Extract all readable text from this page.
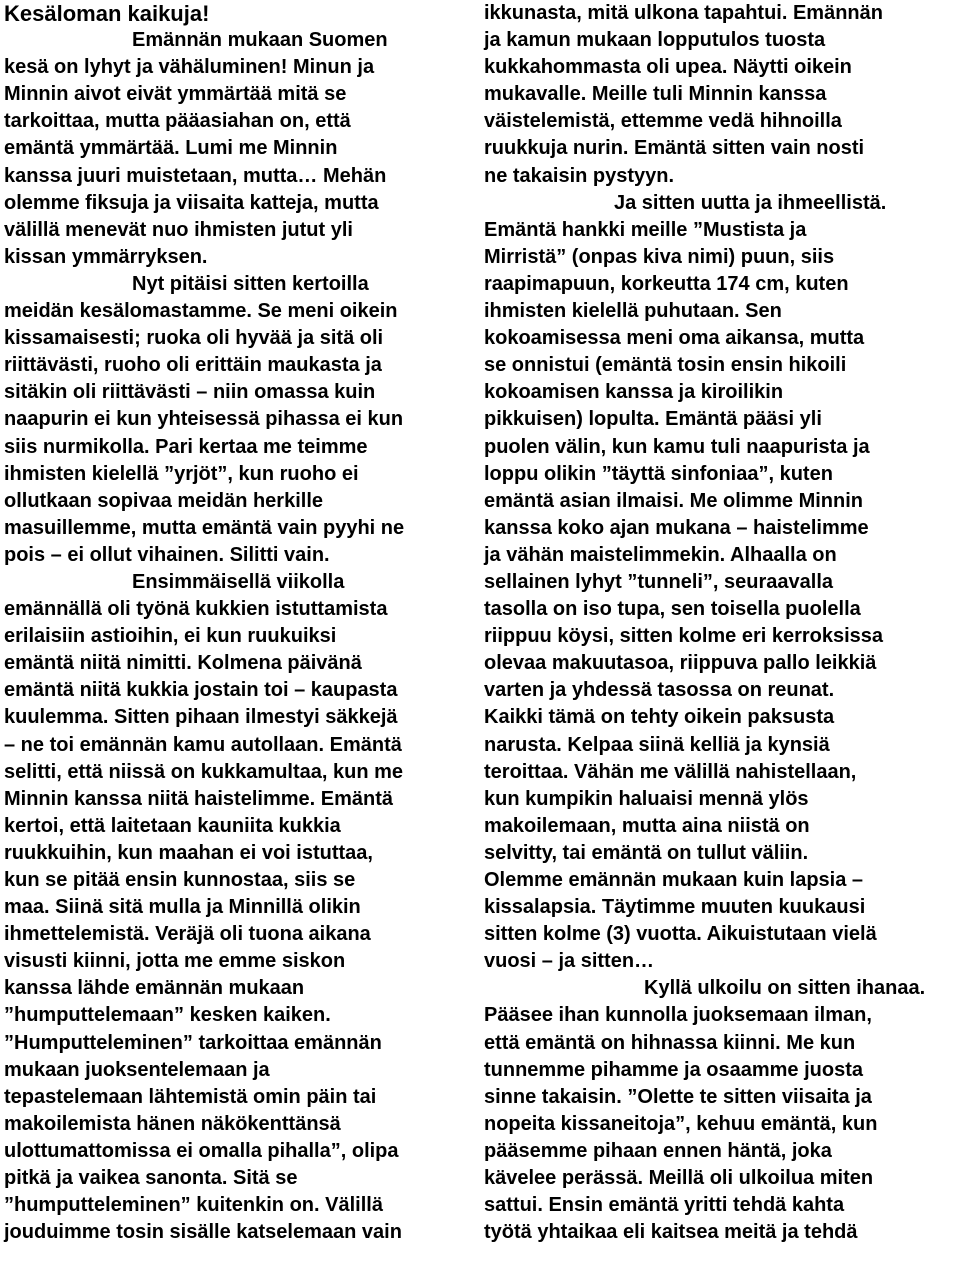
Kesäloman kaikuja!
Emännän mukaan Suomen
kesä on lyhyt ja vähäluminen! Minun ja
Minnin aivot eivät ymmärtää mitä se
tarkoittaa, mutta pääasiahan on, että
emäntä ymmärtää. Lumi me Minnin
kanssa juuri muistetaan, mutta… Mehän
olemme fiksuja ja viisaita katteja, mutta
välillä menevät nuo ihmisten jutut yli
kissan ymmärryksen.
Nyt pitäisi sitten kertoilla
meidän kesälomastamme. Se meni oikein
kissamaisesti; ruoka oli hyvää ja sitä oli
riittävästi, ruoho oli erittäin maukasta ja
sitäkin oli riittävästi – niin omassa kuin
naapurin ei kun yhteisessä pihassa ei kun
siis nurmikolla. Pari kertaa me teimme
ihmisten kielellä ”yrjöt”, kun ruoho ei
ollutkaan sopivaa meidän herkille
masuillemme, mutta emäntä vain pyyhi ne
pois – ei ollut vihainen. Silitti vain.
Ensimmäisellä viikolla
emännällä oli työnä kukkien istuttamista
erilaisiin astioihin, ei kun ruukuiksi
emäntä niitä nimitti. Kolmena päivänä
emäntä niitä kukkia jostain toi – kaupasta
kuulemma. Sitten pihaan ilmestyi säkkejä
– ne toi emännän kamu autollaan. Emäntä
selitti, että niissä on kukkamultaa, kun me
Minnin kanssa niitä haistelimme. Emäntä
kertoi, että laitetaan kauniita kukkia
ruukkuihin, kun maahan ei voi istuttaa,
kun se pitää ensin kunnostaa, siis se
maa. Siinä sitä mulla ja Minnillä olikin
ihmettelemistä. Veräjä oli tuona aikana
visusti kiinni, jotta me emme siskon
kanssa lähde emännän mukaan
”humputtelemaan” kesken kaiken.
”Humputteleminen” tarkoittaa emännän
mukaan juoksentelemaan ja
tepastelemaan lähtemistä omin päin tai
makoilemista hänen näkökenttänsä
ulottumattomissa ei omalla pihalla”, olipa
pitkä ja vaikea sanonta. Sitä se
”humputteleminen” kuitenkin on. Välillä
jouduimme tosin sisälle katselemaan vain
ikkunasta, mitä ulkona tapahtui. Emännän
ja kamun mukaan lopputulos tuosta
kukkahommasta oli upea. Näytti oikein
mukavalle. Meille tuli Minnin kanssa
väistelemistä, ettemme vedä hihnoilla
ruukkuja nurin. Emäntä sitten vain nosti
ne takaisin pystyyn.
Ja sitten uutta ja ihmeellistä.
Emäntä hankki meille ”Mustista ja
Mirristä” (onpas kiva nimi) puun, siis
raapimapuun, korkeutta 174 cm, kuten
ihmisten kielellä puhutaan. Sen
kokoamisessa meni oma aikansa, mutta
se onnistui (emäntä tosin ensin hikoili
kokoamisen kanssa ja kiroilikin
pikkuisen) lopulta. Emäntä pääsi yli
puolen välin, kun kamu tuli naapurista ja
loppu olikin ”täyttä sinfoniaa”, kuten
emäntä asian ilmaisi. Me olimme Minnin
kanssa koko ajan mukana – haistelimme
ja vähän maistelimmekin. Alhaalla on
sellainen lyhyt ”tunneli”, seuraavalla
tasolla on iso tupa, sen toisella puolella
riippuu köysi, sitten kolme eri kerroksissa
olevaa makuutasoa, riippuva pallo leikkiä
varten ja yhdessä tasossa on reunat.
Kaikki tämä on tehty oikein paksusta
narusta. Kelpaa siinä kelliä ja kynsiä
teroittaa. Vähän me välillä nahistellaan,
kun kumpikin haluaisi mennä ylös
makoilemaan, mutta aina niistä on
selvitty, tai emäntä on tullut väliin.
Olemme emännän mukaan kuin lapsia –
kissalapsia. Täytimme muuten kuukausi
sitten kolme (3) vuotta. Aikuistutaan vielä
vuosi – ja sitten…
Kyllä ulkoilu on sitten ihanaa.
Pääsee ihan kunnolla juoksemaan ilman,
että emäntä on hihnassa kiinni. Me kun
tunnemme pihamme ja osaamme juosta
sinne takaisin. ”Olette te sitten viisaita ja
nopeita kissaneitoja”, kehuu emäntä, kun
pääsemme pihaan ennen häntä, joka
kävelee perässä. Meillä oli ulkoilua miten
sattui. Ensin emäntä yritti tehdä kahta
työtä yhtaikaa eli kaitsea meitä ja tehdä
